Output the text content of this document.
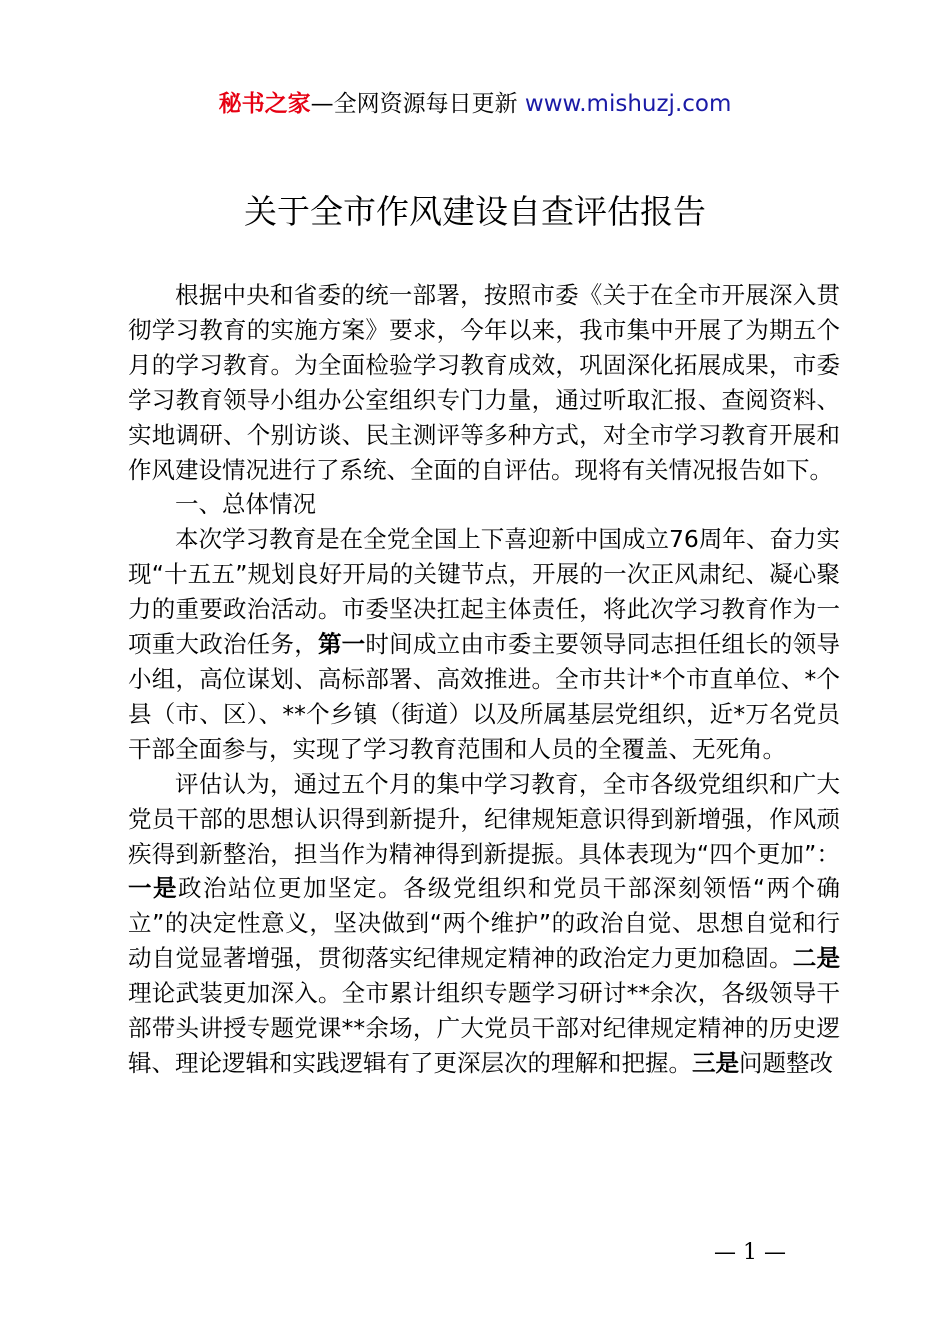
秘书之家—全网资源每日更新 www.mishuzj.com
关于全市作风建设自查评估报告

根据中央和省委的统一部署，按照市委《关于在全市开展深入贯彻学习教育的实施方案》要求，今年以来，我市集中开展了为期五个月的学习教育。为全面检验学习教育成效，巩固深化拓展成果，市委学习教育领导小组办公室组织专门力量，通过听取汇报、查阅资料、实地调研、个别访谈、民主测评等多种方式，对全市学习教育开展和作风建设情况进行了系统、全面的自评估。现将有关情况报告如下。

一、总体情况

本次学习教育是在全党全国上下喜迎新中国成立76周年、奋力实现“十五五”规划良好开局的关键节点，开展的一次正风肃纪、凝心聚力的重要政治活动。市委坚决扛起主体责任，将此次学习教育作为一项重大政治任务，第一时间成立由市委主要领导同志担任组长的领导小组，高位谋划、高标部署、高效推进。全市共计*个市直单位、*个县（市、区）、**个乡镇（街道）以及所属基层党组织，近*万名党员干部全面参与，实现了学习教育范围和人员的全覆盖、无死角。

评估认为，通过五个月的集中学习教育，全市各级党组织和广大党员干部的思想认识得到新提升，纪律规矩意识得到新增强，作风顽疾得到新整治，担当作为精神得到新提振。具体表现为“四个更加”：一是政治站位更加坚定。各级党组织和党员干部深刻领悟“两个确立”的决定性意义，坚决做到“两个维护”的政治自觉、思想自觉和行动自觉显著增强，贯彻落实纪律规定精神的政治定力更加稳固。二是理论武装更加深入。全市累计组织专题学习研讨**余次，各级领导干部带头讲授专题党课**余场，广大党员干部对纪律规定精神的历史逻辑、理论逻辑和实践逻辑有了更深层次的理解和把握。三是问题整改

— 1 —
